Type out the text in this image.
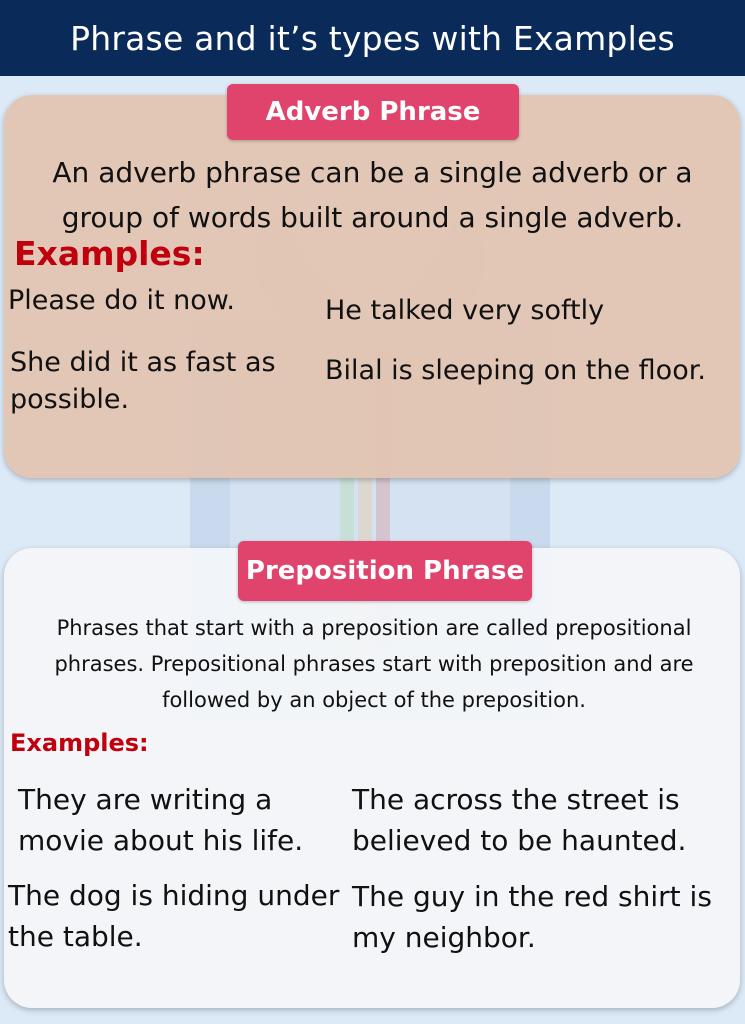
Phrase and it’s types with Examples
Adverb Phrase
An adverb phrase can be a single adverb or a group of words built around a single adverb.
Examples:
Please do it now.	He talked very softly
She did it as fast as possible.
Bilal is sleeping on the floor.
Preposition Phrase
Phrases that start with a preposition are called prepositional phrases. Prepositional phrases start with preposition and are followed by an object of the preposition.
Examples:
They are writing a movie about his life.
The across the street is believed to be haunted.
The dog is hiding under the table.
The guy in the red shirt is my neighbor.
